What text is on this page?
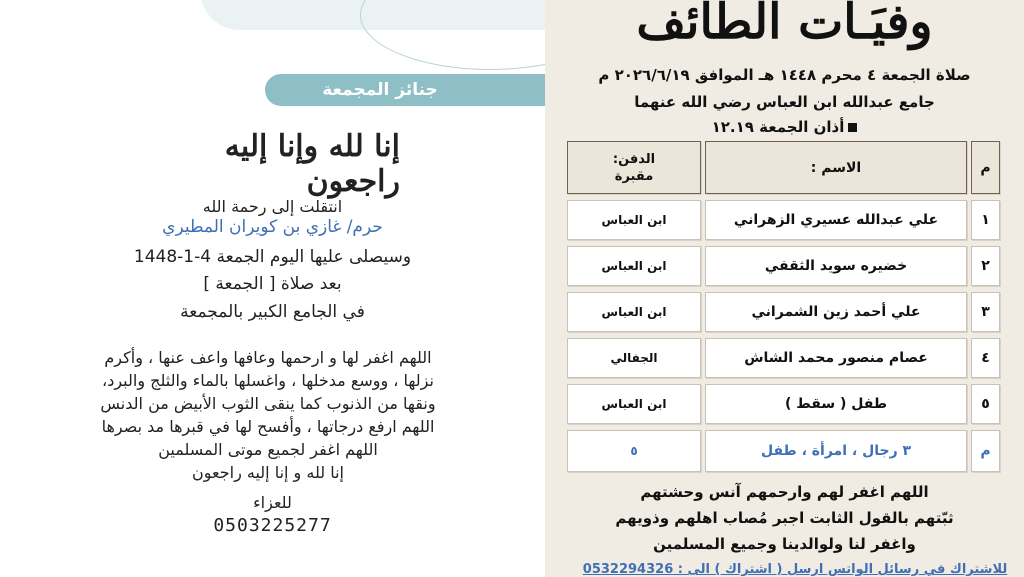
جنائز المجمعة
إنا لله وإنا إليه راجعون
انتقلت إلى رحمة الله
حرم/ غازي بن كويران المطيري
وسيصلى عليها اليوم الجمعة 4-1-1448
بعد صلاة [ الجمعة ]
في الجامع الكبير بالمجمعة
اللهم اغفر لها و ارحمها وعافها واعف عنها ، وأكرم
نزلها ، ووسع مدخلها ، واغسلها بالماء والثلج والبرد،
ونقها من الذنوب كما ينقى الثوب الأبيض من الدنس
اللهم ارفع درجاتها ، وأفسح لها في قبرها مد بصرها
اللهم اغفر لجميع موتى المسلمين
إنا لله و إنا إليه راجعون
للعزاء
0503225277
وفيَـات الطائف
صلاة الجمعة ٤ محرم ١٤٤٨ هـ الموافق ٢٠٢٦/٦/١٩ م
جامع عبدالله ابن العباس رضي الله عنهما
أذان الجمعة ١٢.١٩
م
الاسم :
الدفن:
مقبرة
١
علي عبدالله عسيري الزهراني
ابن العباس
٢
خضيره سويد الثقفي
ابن العباس
٣
علي أحمد زين الشمراني
ابن العباس
٤
عصام منصور محمد الشاش
الجفالي
٥
طفل ( سقط )
ابن العباس
م
٣ رجال ، امرأة ، طفل
٥
اللهم اغفر لهم وارحمهم آنس وحشتهم
ثبّتهم بالقول الثابت اجبر مُصاب اهلهم وذويهم
واغفر لنا ولوالدينا وجميع المسلمين
للاشتراك في رسائل الواتس ارسل ( اشتراك ) الى : 0532294326
